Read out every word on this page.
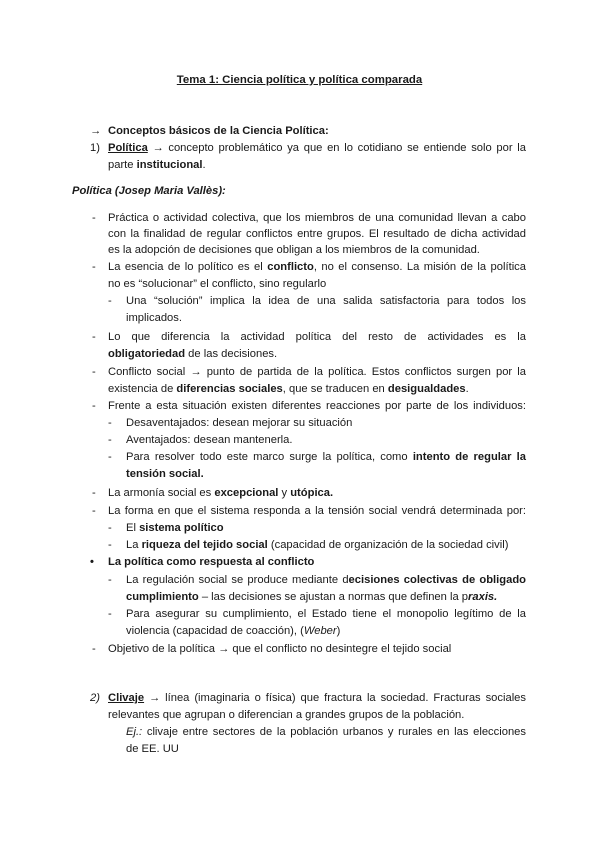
Tema 1: Ciencia política y política comparada
→ Conceptos básicos de la Ciencia Política:
1) Política → concepto problemático ya que en lo cotidiano se entiende solo por la
parte institucional.
Política (Josep Maria Vallès):
- Práctica o actividad colectiva, que los miembros de una comunidad llevan a cabo
con la finalidad de regular conflictos entre grupos. El resultado de dicha actividad
es la adopción de decisiones que obligan a los miembros de la comunidad.
- La esencia de lo político es el conflicto, no el consenso. La misión de la política
no es “solucionar” el conflicto, sino regularlo
- Una “solución” implica la idea de una salida satisfactoria para todos los
implicados.
- Lo que diferencia la actividad política del resto de actividades es la
obligatoriedad de las decisiones.
- Conflicto social → punto de partida de la política. Estos conflictos surgen por la
existencia de diferencias sociales, que se traducen en desigualdades.
- Frente a esta situación existen diferentes reacciones por parte de los individuos:
- Desaventajados: desean mejorar su situación
- Aventajados: desean mantenerla.
- Para resolver todo este marco surge la política, como intento de regular la
tensión social.
- La armonía social es excepcional y utópica.
- La forma en que el sistema responda a la tensión social vendrá determinada por:
- El sistema político
- La riqueza del tejido social (capacidad de organización de la sociedad civil)
• La política como respuesta al conflicto
- La regulación social se produce mediante decisiones colectivas de obligado
cumplimiento – las decisiones se ajustan a normas que definen la praxis.
- Para asegurar su cumplimiento, el Estado tiene el monopolio legítimo de la
violencia (capacidad de coacción), (Weber)
- Objetivo de la política → que el conflicto no desintegre el tejido social
2) Clivaje → línea (imaginaria o física) que fractura la sociedad. Fracturas sociales
relevantes que agrupan o diferencian a grandes grupos de la población.
Ej.: clivaje entre sectores de la población urbanos y rurales en las elecciones
de EE. UU
